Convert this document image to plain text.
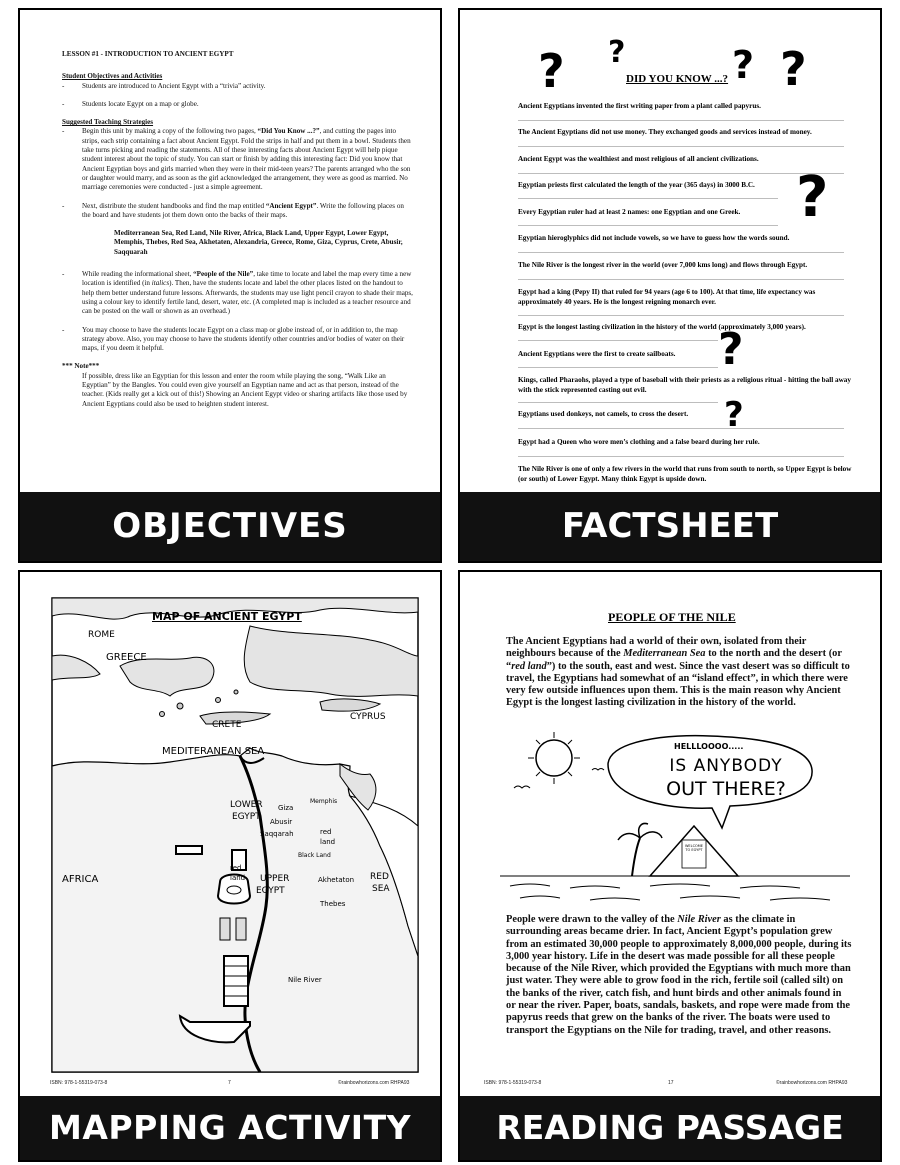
LESSON #1 - INTRODUCTION TO ANCIENT EGYPT
Student Objectives and Activities
-	Students are introduced to Ancient Egypt with a “trivia” activity.
-	Students locate Egypt on a map or globe.
Suggested Teaching Strategies
-	Begin this unit by making a copy of the following two pages, “Did You Know ...?”, and cutting the pages into strips, each strip containing a fact about Ancient Egypt. Fold the strips in half and put them in a bowl. Students then take turns picking and reading the statements. All of these interesting facts about Ancient Egypt will help pique student interest about the topic of study. You can start or finish by adding this interesting fact: Did you know that Ancient Egyptian boys and girls married when they were in their mid-teen years? The parents arranged who the son or daughter would marry, and as soon as the girl acknowledged the arrangement, they were as good as married. No marriage ceremonies were conducted - just a simple agreement.
-	Next, distribute the student handbooks and find the map entitled “Ancient Egypt”. Write the following places on the board and have students jot them down onto the backs of their maps.
Mediterranean Sea, Red Land, Nile River, Africa, Black Land, Upper Egypt, Lower Egypt, Memphis, Thebes, Red Sea, Akhetaten, Alexandria, Greece, Rome, Giza, Cyprus, Crete, Abusir, Saqquarah
-	While reading the informational sheet, “People of the Nile”, take time to locate and label the map every time a new location is identified (in italics). Then, have the students locate and label the other places listed on the handout to help them better understand future lessons. Afterwards, the students may use light pencil crayon to shade their maps, using a colour key to identify fertile land, desert, water, etc. (A completed map is included as a teacher resource and can be posted on the wall or shown as an overhead.)
-	You may choose to have the students locate Egypt on a class map or globe instead of, or in addition to, the map strategy above. Also, you may choose to have the students identify other countries and/or bodies of water on their maps, if you deem it helpful.
*** Note***
If possible, dress like an Egyptian for this lesson and enter the room while playing the song, “Walk Like an Egyptian” by the Bangles. You could even give yourself an Egyptian name and act as that person, instead of the teacher. (Kids really get a kick out of this!) Showing an Ancient Egypt video or sharing artifacts like those used by Ancient Egyptians could also be used to heighten student interest.
OBJECTIVES
? ?	? ?
?
?
?
DID YOU KNOW ...?
Ancient Egyptians invented the first writing paper from a plant called papyrus.
The Ancient Egyptians did not use money. They exchanged goods and services instead of money.
Ancient Egypt was the wealthiest and most religious of all ancient civilizations.
Egyptian priests first calculated the length of the year (365 days) in 3000 B.C.
Every Egyptian ruler had at least 2 names: one Egyptian and one Greek.
Egyptian hieroglyphics did not include vowels, so we have to guess how the words sound.
The Nile River is the longest river in the world (over 7,000 kms long) and flows through Egypt.
Egypt had a king (Pepy II) that ruled for 94 years (age 6 to 100). At that time, life expectancy was approximately 40 years. He is the longest reigning monarch ever.
Egypt is the longest lasting civilization in the history of the world (approximately 3,000 years).
Ancient Egyptians were the first to create sailboats.
Kings, called Pharaohs, played a type of baseball with their priests as a religious ritual - hitting the ball away with the stick represented casting out evil.
Egyptians used donkeys, not camels, to cross the desert.
Egypt had a Queen who wore men’s clothing and a false beard during her rule.
The Nile River is one of only a few rivers in the world that runs from south to north, so Upper Egypt is below (or south) of Lower Egypt. Many think Egypt is upside down.
FACTSHEET
MAP OF ANCIENT EGYPT
ROME
GREECE
CRETE
CYPRUS
MEDITERANEAN SEA
LOWER
EGYPT
Giza
Memphis
Abusir
Saqqarah	red
land
Black Land
Akhetaton
red
land
AFRICA	RED
SEA
UPPER
EGYPT
Thebes
Nile River
ISBN: 978-1-55319-073-8	7	©rainbowhorizons.com RHPA93
MAPPING ACTIVITY
PEOPLE OF THE NILE
The Ancient Egyptians had a world of their own, isolated from their neighbours because of the Mediterranean Sea to the north and the desert (or “red land”) to the south, east and west. Since the vast desert was so difficult to travel, the Egyptians had somewhat of an “island effect”, in which there were very few outside influences upon them. This is the main reason why Ancient Egypt is the longest lasting civilization in the history of the world.
HELLLOOOO.....
IS ANYBODY
OUT THERE?
WELCOME TO EGYPT
People were drawn to the valley of the Nile River as the climate in surrounding areas became drier. In fact, Ancient Egypt’s population grew from an estimated 30,000 people to approximately 8,000,000 people, during its 3,000 year history. Life in the desert was made possible for all these people because of the Nile River, which provided the Egyptians with much more than just water. They were able to grow food in the rich, fertile soil (called silt) on the banks of the river, catch fish, and hunt birds and other animals found in or near the river. Paper, boats, sandals, baskets, and rope were made from the papyrus reeds that grew on the banks of the river. The boats were used to transport the Egyptians on the Nile for trading, travel, and other reasons.
ISBN: 978-1-55319-073-8	17	©rainbowhorizons.com RHPA93
READING PASSAGE
